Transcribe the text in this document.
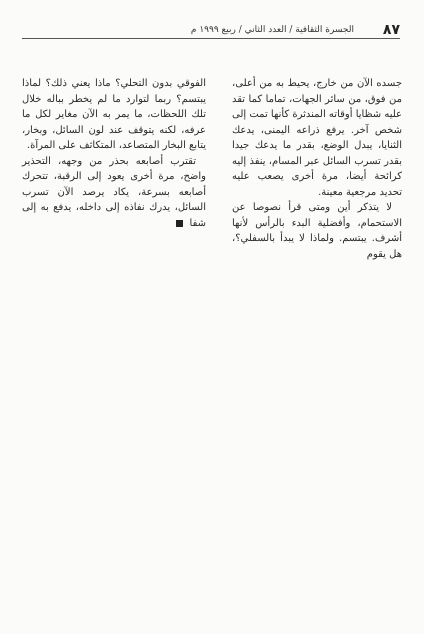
٨٧
الجسرة الثقافية / العدد الثاني / ربيع ١٩٩٩ م

جسده الآن من خارج، يحيط به من أعلى، من فوق، من سائر الجهات، تماما كما تقد عليه شظايا أوقاته المندثرة كأنها تمت إلى شخص آخر. يرفع ذراعه اليمنى، يدعك الثنايا، يبدل الوضع، بقدر ما يدعك جيدا بقدر تسرب السائل عبر المسام، ينفذ إليه كرائحة أيضا، مرة أخرى يصعب عليه تحديد مرجعية معينة.

لا يتذكر أين ومتى قرأ نصوصا عن الاستحمام، وأفضلية البدء بالرأس لأنها أشرف. يبتسم. ولماذا لا يبدأ بالسفلي؟، هل يقوم

الفوقي بدون التحلي؟ ماذا يعني ذلك؟ لماذا يبتسم؟ ربما لتوارد ما لم يخطر بباله خلال تلك اللحظات، ما يمر به الآن مغاير لكل ما عرفه، لكنه يتوقف عند لون السائل، وبخار، يتابع البخار المتصاعد، المتكاثف على المرآة.

تقترب أصابعه بحذر من وجهه، التحذير واضح، مرة أخرى يعود إلى الرقبة، تتحرك أصابعه بسرعة، يكاد يرصد الآن تسرب السائل، يدرك نفاذه إلى داخله، يدفع به إلى شفا
